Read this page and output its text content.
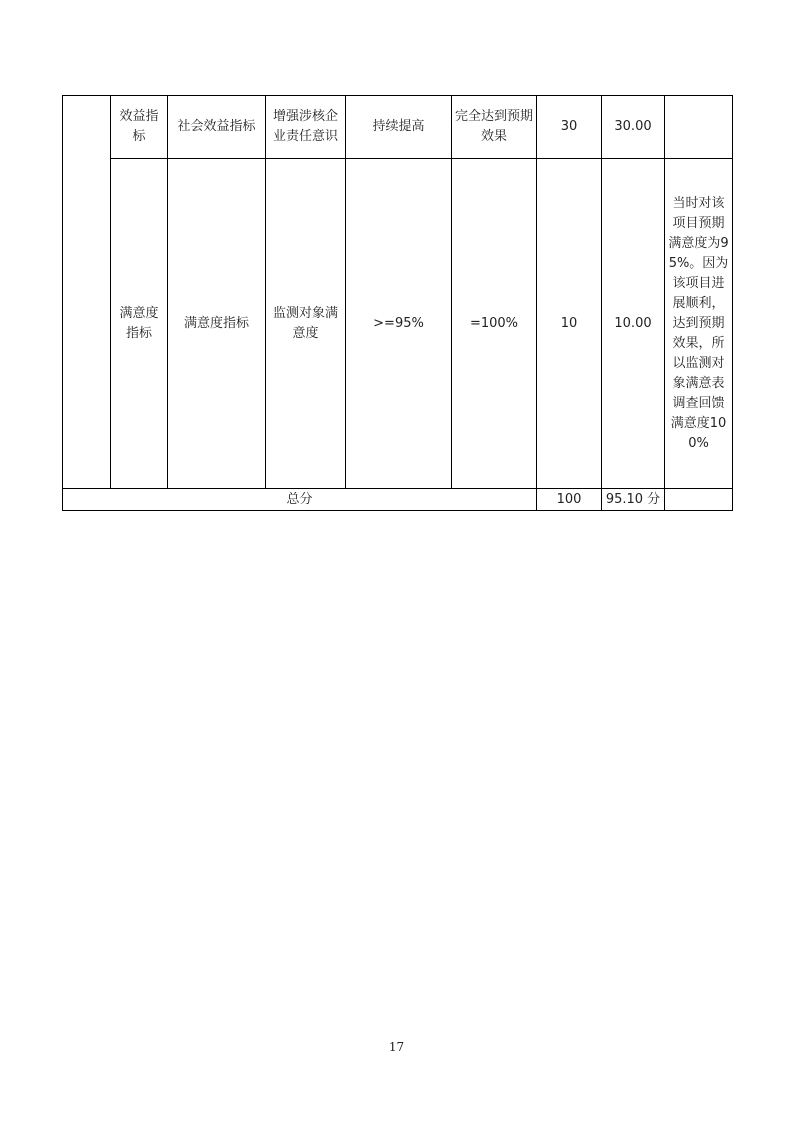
	效益指标	社会效益指标	增强涉核企业责任意识	持续提高	完全达到预期效果	30	30.00	
	满意度指标	满意度指标	监测对象满意度	>=95%	=100%	10	10.00	当时对该项目预期满意度为95%。因为该项目进展顺利，达到预期效果，所以监测对象满意表调查回馈满意度100%
总分						100	95.10 分	
17
